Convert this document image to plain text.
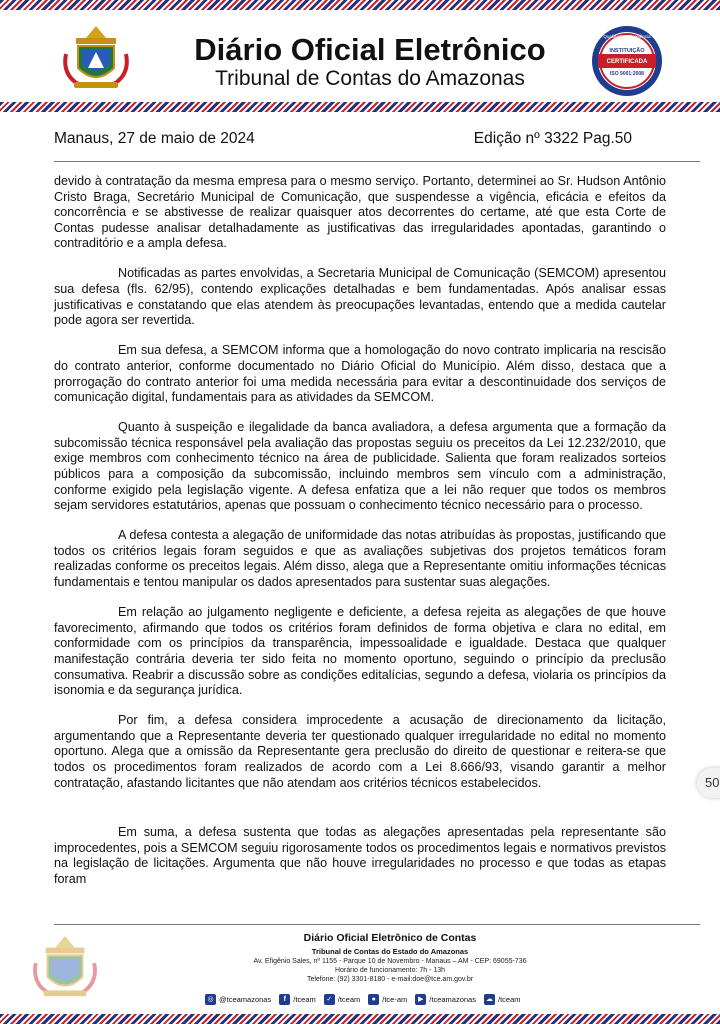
Diário Oficial Eletrônico
Tribunal de Contas do Amazonas
Qualidade e Excelência
INSTITUIÇÃO
CERTIFICADA
ISO 9001:2008
Manaus, 27 de maio de 2024	Edição nº 3322 Pag.50

devido à contratação da mesma empresa para o mesmo serviço. Portanto, determinei ao Sr. Hudson Antônio Cristo Braga, Secretário Municipal de Comunicação, que suspendesse a vigência, eficácia e efeitos da concorrência e se abstivesse de realizar quaisquer atos decorrentes do certame, até que esta Corte de Contas pudesse analisar detalhadamente as justificativas das irregularidades apontadas, garantindo o contraditório e a ampla defesa.

Notificadas as partes envolvidas, a Secretaria Municipal de Comunicação (SEMCOM) apresentou sua defesa (fls. 62/95), contendo explicações detalhadas e bem fundamentadas. Após analisar essas justificativas e constatando que elas atendem às preocupações levantadas, entendo que a medida cautelar pode agora ser revertida.

Em sua defesa, a SEMCOM informa que a homologação do novo contrato implicaria na rescisão do contrato anterior, conforme documentado no Diário Oficial do Município. Além disso, destaca que a prorrogação do contrato anterior foi uma medida necessária para evitar a descontinuidade dos serviços de comunicação digital, fundamentais para as atividades da SEMCOM.

Quanto à suspeição e ilegalidade da banca avaliadora, a defesa argumenta que a formação da subcomissão técnica responsável pela avaliação das propostas seguiu os preceitos da Lei 12.232/2010, que exige membros com conhecimento técnico na área de publicidade. Salienta que foram realizados sorteios públicos para a composição da subcomissão, incluindo membros sem vínculo com a administração, conforme exigido pela legislação vigente. A defesa enfatiza que a lei não requer que todos os membros sejam servidores estatutários, apenas que possuam o conhecimento técnico necessário para o processo.

A defesa contesta a alegação de uniformidade das notas atribuídas às propostas, justificando que todos os critérios legais foram seguidos e que as avaliações subjetivas dos projetos temáticos foram realizadas conforme os preceitos legais. Além disso, alega que a Representante omitiu informações técnicas fundamentais e tentou manipular os dados apresentados para sustentar suas alegações.

Em relação ao julgamento negligente e deficiente, a defesa rejeita as alegações de que houve favorecimento, afirmando que todos os critérios foram definidos de forma objetiva e clara no edital, em conformidade com os princípios da transparência, impessoalidade e igualdade. Destaca que qualquer manifestação contrária deveria ter sido feita no momento oportuno, seguindo o princípio da preclusão consumativa. Reabrir a discussão sobre as condições editalícias, segundo a defesa, violaria os princípios da isonomia e da segurança jurídica.

Por fim, a defesa considera improcedente a acusação de direcionamento da licitação, argumentando que a Representante deveria ter questionado qualquer irregularidade no edital no momento oportuno. Alega que a omissão da Representante gera preclusão do direito de questionar e reitera-se que todos os procedimentos foram realizados de acordo com a Lei 8.666/93, visando garantir a melhor contratação, afastando licitantes que não atendam aos critérios técnicos estabelecidos.

Em suma, a defesa sustenta que todas as alegações apresentadas pela representante são improcedentes, pois a SEMCOM seguiu rigorosamente todos os procedimentos legais e normativos previstos na legislação de licitações. Argumenta que não houve irregularidades no processo e que todas as etapas foram

50
Diário Oficial Eletrônico de Contas
Tribunal de Contas do Estado do Amazonas
Av. Efigênio Sales, nº 1155 - Parque 10 de Novembro - Manaus – AM - CEP: 69055-736
Horário de funcionamento: 7h - 13h
Telefone: (92) 3301-8180 - e-mail:doe@tce.am.gov.br
◎ @tceamazonas	f /tceam	✓ /tceam	● /tce-am	▶ /tceamazonas ☁ /tceam
